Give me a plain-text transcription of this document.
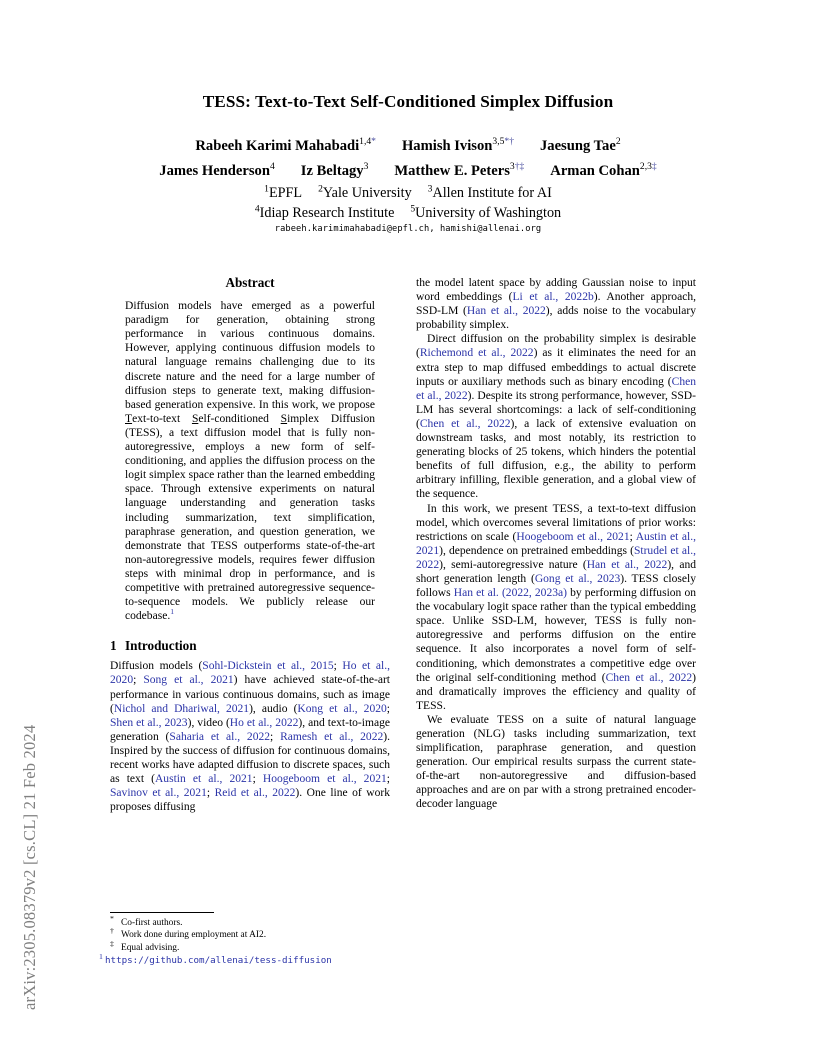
arXiv:2305.08379v2 [cs.CL] 21 Feb 2024
TESS: Text-to-Text Self-Conditioned Simplex Diffusion
Rabeeh Karimi Mahabadi$^{1,4*}$ Hamish Ivison$^{3,5*\dagger}$ Jaesung Tae$^2$
James Henderson$^4$ Iz Beltagy$^3$ Matthew E. Peters$^{3\dagger\ddagger}$ Arman Cohan$^{2,3\ddagger}$
$^1$EPFL $^2$Yale University $^3$Allen Institute for AI
$^4$Idiap Research Institute $^5$University of Washington
rabeeh.karimimahabadi@epfl.ch, hamishi@allenai.org
Abstract

Diffusion models have emerged as a powerful paradigm for generation, obtaining strong performance in various continuous domains. However, applying continuous diffusion models to natural language remains challenging due to its discrete nature and the need for a large number of diffusion steps to generate text, making diffusion-based generation expensive. In this work, we propose Text-to-text Self-conditioned Simplex Diffusion (TESS), a text diffusion model that is fully non-autoregressive, employs a new form of self-conditioning, and applies the diffusion process on the logit simplex space rather than the learned embedding space. Through extensive experiments on natural language understanding and generation tasks including summarization, text simplification, paraphrase generation, and question generation, we demonstrate that TESS outperforms state-of-the-art non-autoregressive models, requires fewer diffusion steps with minimal drop in performance, and is competitive with pretrained autoregressive sequence-to-sequence models. We publicly release our codebase.$^1$

1 Introduction

Diffusion models (Sohl-Dickstein et al., 2015; Ho et al., 2020; Song et al., 2021) have achieved state-of-the-art performance in various continuous domains, such as image (Nichol and Dhariwal, 2021), audio (Kong et al., 2020; Shen et al., 2023), video (Ho et al., 2022), and text-to-image generation (Saharia et al., 2022; Ramesh et al., 2022). Inspired by the success of diffusion for continuous domains, recent works have adapted diffusion to discrete spaces, such as text (Austin et al., 2021; Hoogeboom et al., 2021; Savinov et al., 2021; Reid et al., 2022). One line of work proposes diffusing

the model latent space by adding Gaussian noise to input word embeddings (Li et al., 2022b). Another approach, SSD-LM (Han et al., 2022), adds noise to the vocabulary probability simplex.

Direct diffusion on the probability simplex is desirable (Richemond et al., 2022) as it eliminates the need for an extra step to map diffused embeddings to actual discrete inputs or auxiliary methods such as binary encoding (Chen et al., 2022). Despite its strong performance, however, SSD-LM has several shortcomings: a lack of self-conditioning (Chen et al., 2022), a lack of extensive evaluation on downstream tasks, and most notably, its restriction to generating blocks of 25 tokens, which hinders the potential benefits of full diffusion, e.g., the ability to perform arbitrary infilling, flexible generation, and a global view of the sequence.

In this work, we present TESS, a text-to-text diffusion model, which overcomes several limitations of prior works: restrictions on scale (Hoogeboom et al., 2021; Austin et al., 2021), dependence on pretrained embeddings (Strudel et al., 2022), semi-autoregressive nature (Han et al., 2022), and short generation length (Gong et al., 2023). TESS closely follows Han et al. (2022, 2023a) by performing diffusion on the vocabulary logit space rather than the typical embedding space. Unlike SSD-LM, however, TESS is fully non-autoregressive and performs diffusion on the entire sequence. It also incorporates a novel form of self-conditioning, which demonstrates a competitive edge over the original self-conditioning method (Chen et al., 2022) and dramatically improves the efficiency and quality of TESS.

We evaluate TESS on a suite of natural language generation (NLG) tasks including summarization, text simplification, paraphrase generation, and question generation. Our empirical results surpass the current state-of-the-art non-autoregressive and diffusion-based approaches and are on par with a strong pretrained encoder-decoder language

* Co-first authors.
† Work done during employment at AI2.
‡ Equal advising.
1 https://github.com/allenai/tess-diffusion
